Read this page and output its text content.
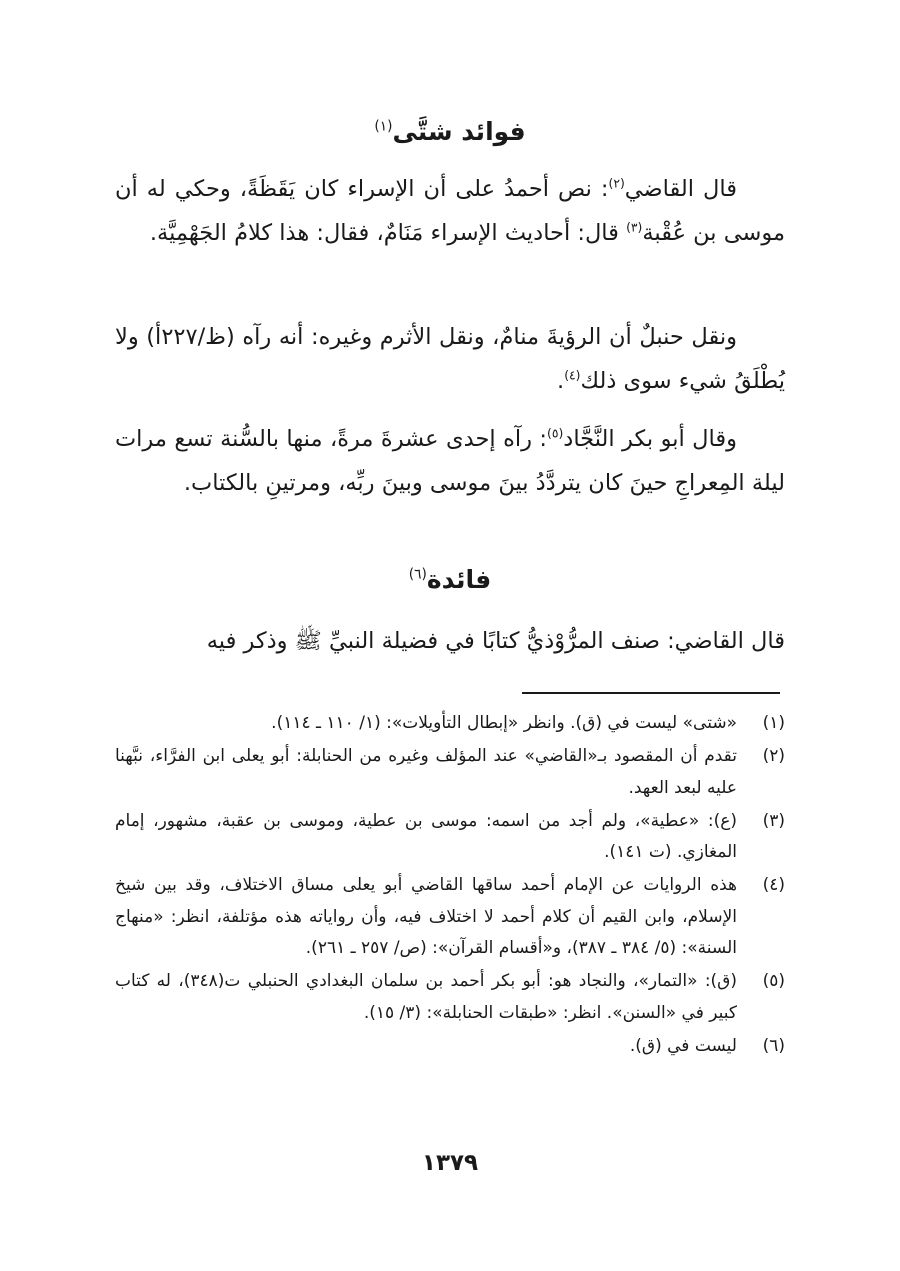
فوائد شتَّى$^{(١)}$
قال القاضي$^{(٢)}$: نص أحمدُ على أن الإسراء كان يَقَظَةً، وحكي له أن موسى بن عُقْبة$^{(٣)}$ قال: أحاديث الإسراء مَنَامٌ، فقال: هذا كلامُ الجَهْمِيَّة.
ونقل حنبلٌ أن الرؤيةَ منامٌ، ونقل الأثرم وغيره: أنه رآه (ظ/٢٢٧أ) ولا يُطْلَقُ شيء سوى ذلك$^{(٤)}$.
وقال أبو بكر النَّجَّاد$^{(٥)}$: رآه إحدى عشرةَ مرةً، منها بالسُّنة تسع مرات ليلة المِعراجِ حينَ كان يتردَّدُ بينَ موسى وبينَ ربِّه، ومرتينِ بالكتاب.
فائدة$^{(٦)}$
قال القاضي: صنف المرُّوْذيُّ كتابًا في فضيلة النبيِّ ﷺ وذكر فيه
(١)
«شتى» ليست في (ق). وانظر «إبطال التأويلات»: (١/ ١١٠ ـ ١١٤).
(٢)
تقدم أن المقصود بـ«القاضي» عند المؤلف وغيره من الحنابلة: أبو يعلى ابن الفرَّاء، نبَّهنا عليه لبعد العهد.
(٣)
(ع): «عطية»، ولم أجد من اسمه: موسى بن عطية، وموسى بن عقبة، مشهور، إمام المغازي. (ت ١٤١).
(٤)
هذه الروايات عن الإمام أحمد ساقها القاضي أبو يعلى مساق الاختلاف، وقد بين شيخ الإسلام، وابن القيم أن كلام أحمد لا اختلاف فيه، وأن رواياته هذه مؤتلفة، انظر: «منهاج السنة»: (٥/ ٣٨٤ ـ ٣٨٧)، و«أقسام القرآن»: (ص/ ٢٥٧ ـ ٢٦١).
(٥)
(ق): «التمار»، والنجاد هو: أبو بكر أحمد بن سلمان البغدادي الحنبلي ت(٣٤٨)، له كتاب كبير في «السنن». انظر: «طبقات الحنابلة»: (٣/ ١٥).
(٦)
ليست في (ق).
١٣٧٩
